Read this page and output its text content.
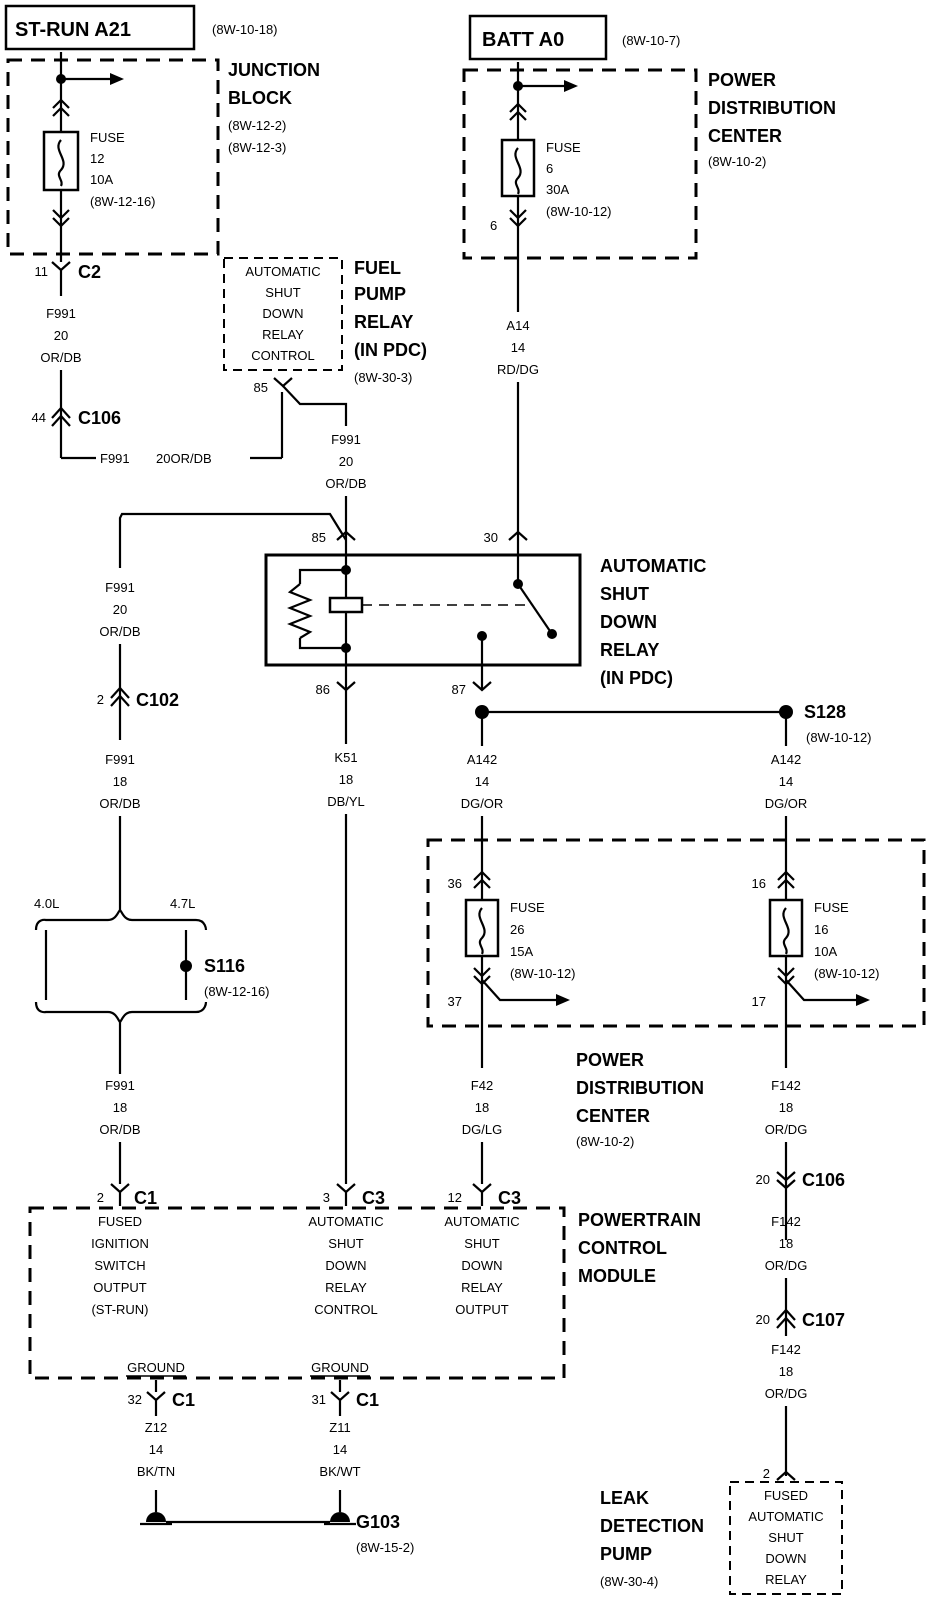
ST-RUN A21	(8W-10-18)	BATT A0	(8W-10-7)
JUNCTION
BLOCK
(8W-12-2)
(8W-12-3)
FUSE
12
10A
(8W-12-16)
11 C2
F991
20
OR/DB
44 C106
F991 20OR/DB
AUTOMATIC
SHUT
DOWN
RELAY
CONTROL
FUEL
PUMP
RELAY
(IN PDC)
(8W-30-3)
85
F991
20
OR/DB
POWER
DISTRIBUTION
CENTER
(8W-10-2)
FUSE
6
30A
(8W-10-12)
6
A14
14
RD/DG
85	30
AUTOMATIC
SHUT
DOWN
RELAY
(IN PDC)
86	87
F991
20
OR/DB
2 C102
F991
18
OR/DB
4.0L	4.7L
S116
(8W-12-16)
F991
18
OR/DB
K51
18
DB/YL
S128
(8W-10-12)
A142
14
DG/OR
A142
14
DG/OR
POWER
DISTRIBUTION
CENTER
(8W-10-2)
36
37
FUSE
26
15A
(8W-10-12)
16
17
FUSE
16
10A
(8W-10-12)
F42
18
DG/LG
F142
18
OR/DG
20 C106
F142
18
OR/DG
20 C107
F142
18
OR/DG
2
FUSED
AUTOMATIC
SHUT
DOWN
RELAY
LEAK
DETECTION
PUMP
(8W-30-4)
2 C1	3 C3	12 C3
POWERTRAIN
CONTROL
MODULE
FUSED
IGNITION
SWITCH
OUTPUT
(ST-RUN)
AUTOMATIC
SHUT
DOWN
RELAY
CONTROL
AUTOMATIC
SHUT
DOWN
RELAY
OUTPUT
GROUND	GROUND
32 C1	31 C1
Z12
14
BK/TN
Z11
14
BK/WT
G103
(8W-15-2)
